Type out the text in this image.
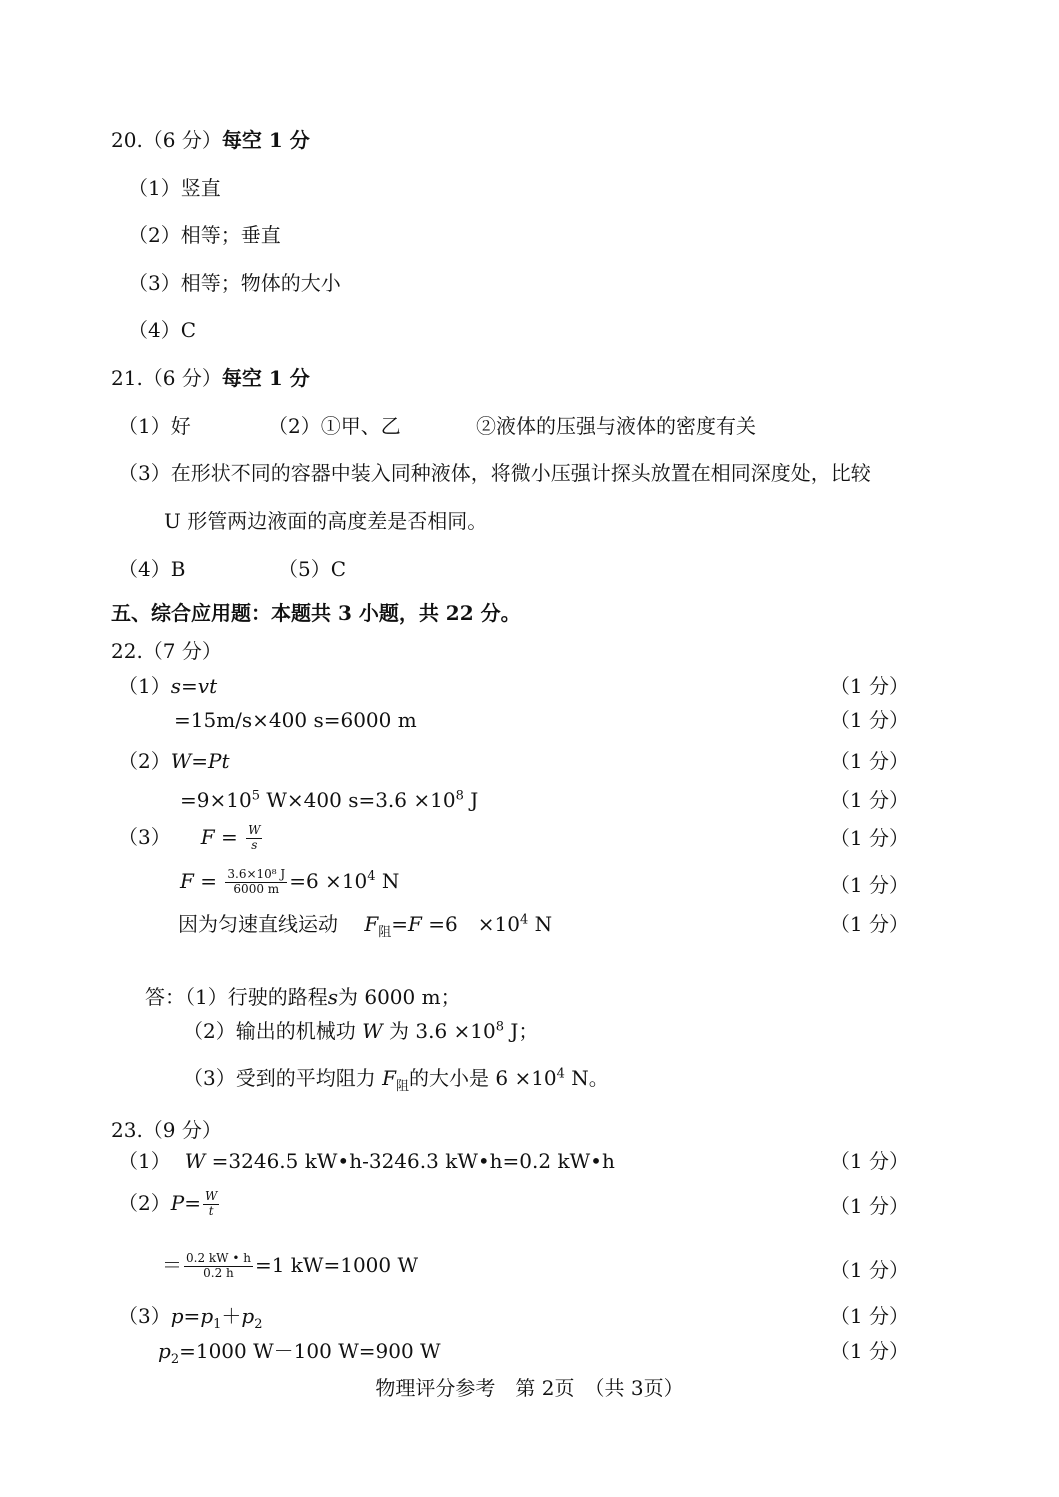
20.（6 分）每空 1 分
（1）竖直
（2）相等；垂直
（3）相等；物体的大小
（4）C
21.（6 分）每空 1 分
（1）好	（2）①甲、乙	②液体的压强与液体的密度有关
（3）在形状不同的容器中装入同种液体，将微小压强计探头放置在相同深度处，比较
U 形管两边液面的高度差是否相同。
（4）B	（5）C
五、综合应用题：本题共 3 小题，共 22 分。
22.（7 分）
（1）s=vt	（1 分）
=15m/s×400 s=6000 m	（1 分）
（2）W=Pt	（1 分）
$=9\times 10^5$ W×400 $s=3.6 \times 10^8$ J	（1 分）
（3） $F = \frac{W}{s}$	（1 分）
$F = \frac{\text{3.6×10⁸ J}}{6000 m} =6 \times 10^4$ N	（1 分）
因为匀速直线运动　 $F_阻=F =6$　$\times 10^4$ N	（1 分）
答：（1）行驶的路程s为 6000 m；
（2）输出的机械功 W 为 $3.6 \times 10^8$ J；
（3）受到的平均阻力 $F_阻$的大小是 $6 \times 10^4$ N。
23.（9 分）
（1） W =3246.5 kW•h-3246.3 kW•h=0.2 kW•h	（1 分）
$(2)P= \frac{W}{t}$	（1 分）
＝ $\frac{0.2 kW • h}{0.2 h} =1$ kW=1000 W	（1 分）
$(3)p=p_1+p_2$	（1 分）
$p_2=1000$ W－100 W=900 W	（1 分）
物理评分参考　第 2页　（共 3页）
